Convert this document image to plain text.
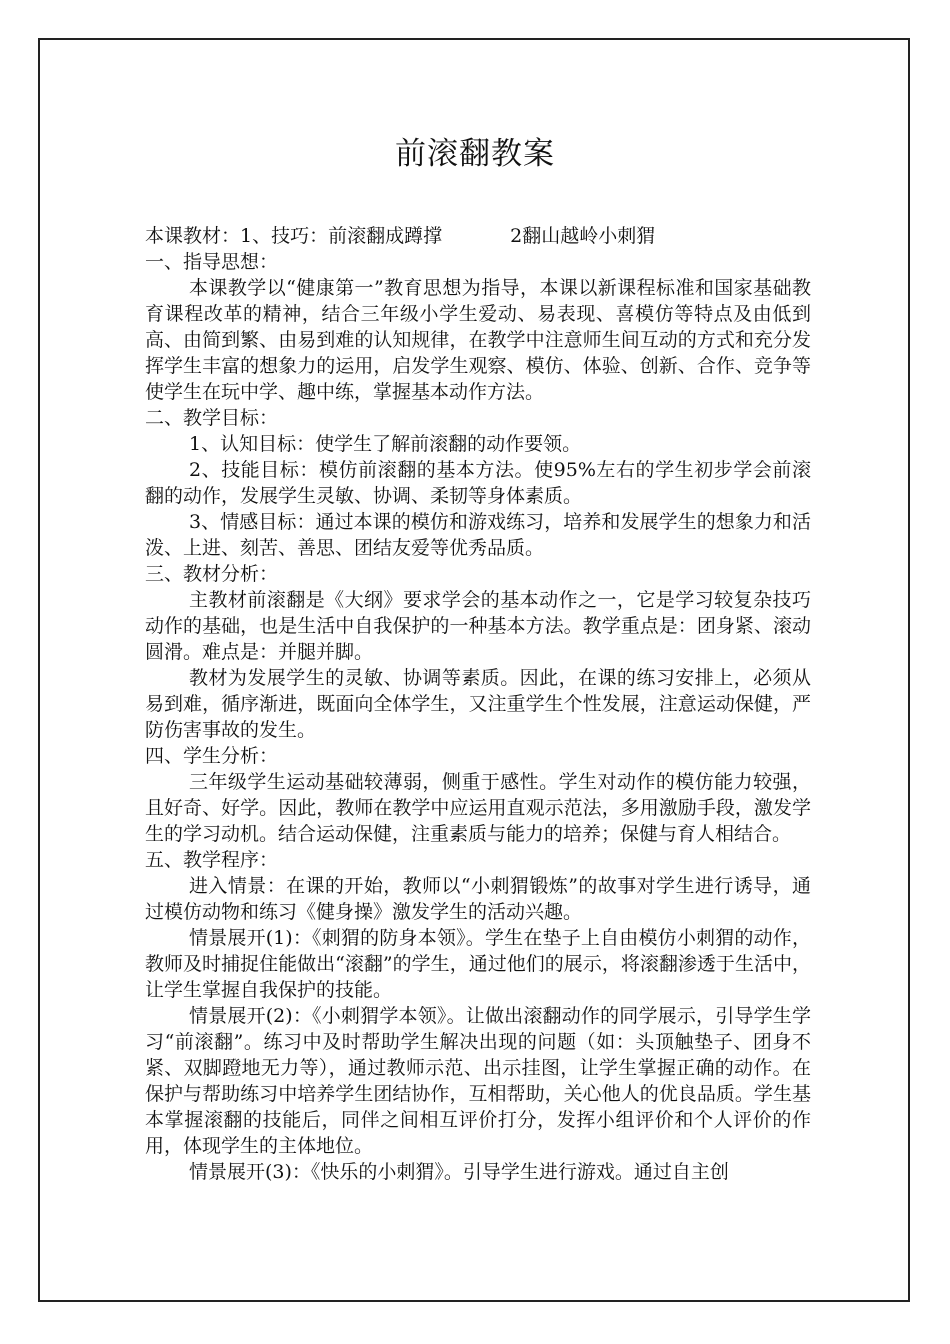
前滚翻教案

本课教材：1、技巧：前滚翻成蹲撑	2翻山越岭小刺猬

一、指导思想：

本课教学以“健康第一”教育思想为指导，本课以新课程标准和国家基础教育课程改革的精神，结合三年级小学生爱动、易表现、喜模仿等特点及由低到高、由简到繁、由易到难的认知规律，在教学中注意师生间互动的方式和充分发挥学生丰富的想象力的运用，启发学生观察、模仿、体验、创新、合作、竞争等使学生在玩中学、趣中练，掌握基本动作方法。

二、教学目标：

1、认知目标：使学生了解前滚翻的动作要领。

2、技能目标：模仿前滚翻的基本方法。使95%左右的学生初步学会前滚翻的动作，发展学生灵敏、协调、柔韧等身体素质。

3、情感目标：通过本课的模仿和游戏练习，培养和发展学生的想象力和活泼、上进、刻苦、善思、团结友爱等优秀品质。

三、教材分析：

主教材前滚翻是《大纲》要求学会的基本动作之一，它是学习较复杂技巧动作的基础，也是生活中自我保护的一种基本方法。教学重点是：团身紧、滚动圆滑。难点是：并腿并脚。

教材为发展学生的灵敏、协调等素质。因此，在课的练习安排上，必须从易到难，循序渐进，既面向全体学生，又注重学生个性发展，注意运动保健，严防伤害事故的发生。

四、学生分析：

三年级学生运动基础较薄弱，侧重于感性。学生对动作的模仿能力较强，且好奇、好学。因此，教师在教学中应运用直观示范法，多用激励手段，激发学生的学习动机。结合运动保健，注重素质与能力的培养；保健与育人相结合。

五、教学程序：

进入情景：在课的开始，教师以“小刺猬锻炼”的故事对学生进行诱导，通过模仿动物和练习《健身操》激发学生的活动兴趣。

情景展开(1)：《刺猬的防身本领》。学生在垫子上自由模仿小刺猬的动作，教师及时捕捉住能做出“滚翻”的学生，通过他们的展示，将滚翻渗透于生活中，让学生掌握自我保护的技能。

情景展开(2)：《小刺猬学本领》。让做出滚翻动作的同学展示，引导学生学习“前滚翻”。练习中及时帮助学生解决出现的问题（如：头顶触垫子、团身不紧、双脚蹬地无力等），通过教师示范、出示挂图，让学生掌握正确的动作。在保护与帮助练习中培养学生团结协作，互相帮助，关心他人的优良品质。学生基本掌握滚翻的技能后，同伴之间相互评价打分，发挥小组评价和个人评价的作用，体现学生的主体地位。

情景展开(3)：《快乐的小刺猬》。引导学生进行游戏。通过自主创
